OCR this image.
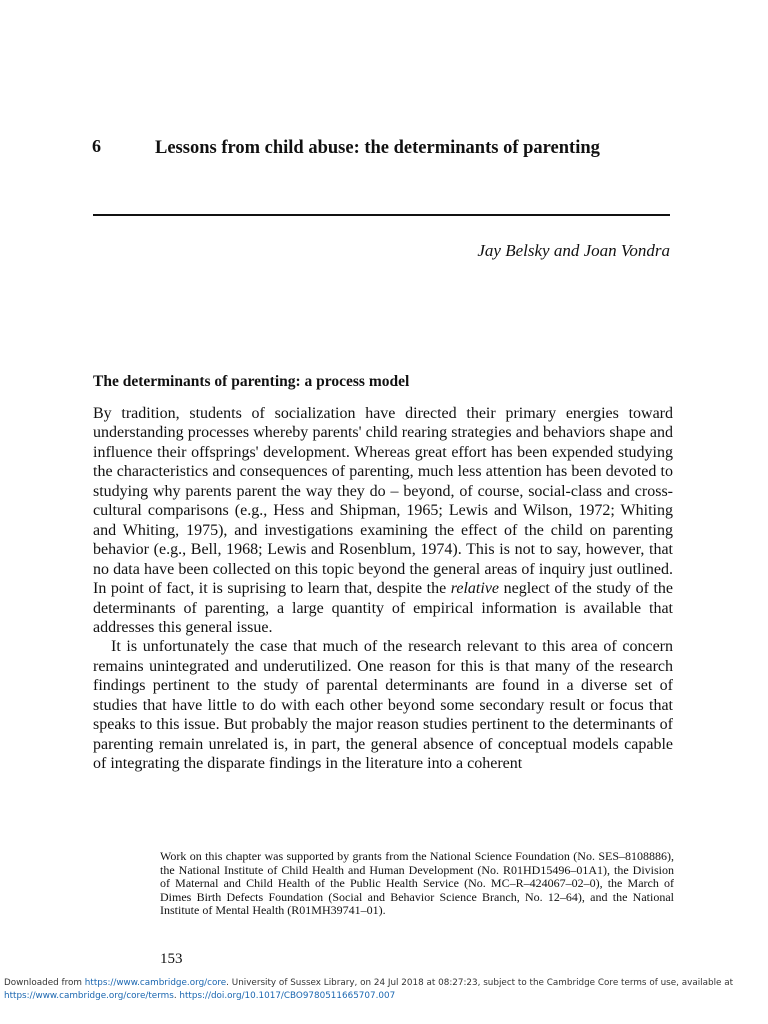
6	Lessons from child abuse: the determinants of parenting
Jay Belsky and Joan Vondra
The determinants of parenting: a process model

By tradition, students of socialization have directed their primary energies toward understanding processes whereby parents' child rearing strategies and behaviors shape and influence their offsprings' development. Whereas great effort has been expended studying the characteristics and consequences of parenting, much less attention has been devoted to studying why parents parent the way they do – beyond, of course, social-class and cross-cultural comparisons (e.g., Hess and Shipman, 1965; Lewis and Wilson, 1972; Whiting and Whiting, 1975), and investigations examining the effect of the child on parenting behavior (e.g., Bell, 1968; Lewis and Rosenblum, 1974). This is not to say, however, that no data have been collected on this topic beyond the general areas of inquiry just outlined. In point of fact, it is suprising to learn that, despite the relative neglect of the study of the determinants of parenting, a large quantity of empirical information is available that addresses this general issue.

It is unfortunately the case that much of the research relevant to this area of concern remains unintegrated and underutilized. One reason for this is that many of the research findings pertinent to the study of parental determinants are found in a diverse set of studies that have little to do with each other beyond some secondary result or focus that speaks to this issue. But probably the major reason studies pertinent to the determinants of parenting remain unrelated is, in part, the general absence of conceptual models capable of integrating the disparate findings in the literature into a coherent

Work on this chapter was supported by grants from the National Science Foundation (No. SES–8108886), the National Institute of Child Health and Human Development (No. R01HD15496–01A1), the Division of Maternal and Child Health of the Public Health Service (No. MC–R–424067–02–0), the March of Dimes Birth Defects Foundation (Social and Behavior Science Branch, No. 12–64), and the National Institute of Mental Health (R01MH39741–01).
153
Downloaded from https://www.cambridge.org/core. University of Sussex Library, on 24 Jul 2018 at 08:27:23, subject to the Cambridge Core terms of use, available at https://www.cambridge.org/core/terms. https://doi.org/10.1017/CBO9780511665707.007
